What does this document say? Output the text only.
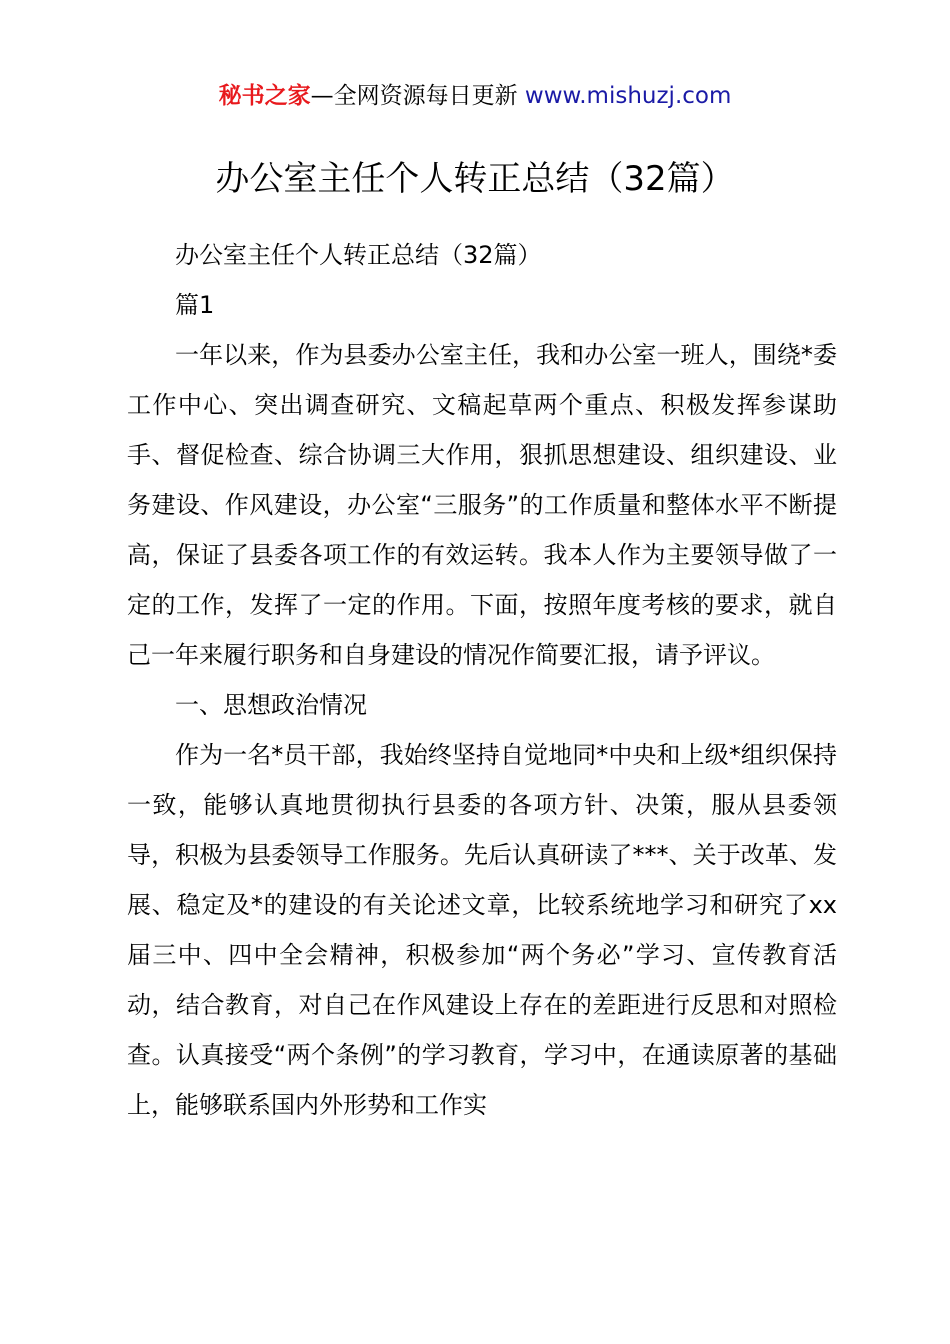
秘书之家—全网资源每日更新 www.mishuzj.com
办公室主任个人转正总结（32篇）

办公室主任个人转正总结（32篇）

篇1

一年以来，作为县委办公室主任，我和办公室一班人，围绕*委工作中心、突出调查研究、文稿起草两个重点、积极发挥参谋助手、督促检查、综合协调三大作用，狠抓思想建设、组织建设、业务建设、作风建设，办公室“三服务”的工作质量和整体水平不断提高，保证了县委各项工作的有效运转。我本人作为主要领导做了一定的工作，发挥了一定的作用。下面，按照年度考核的要求，就自己一年来履行职务和自身建设的情况作简要汇报，请予评议。

一、思想政治情况

作为一名*员干部，我始终坚持自觉地同*中央和上级*组织保持一致，能够认真地贯彻执行县委的各项方针、决策，服从县委领导，积极为县委领导工作服务。先后认真研读了***、关于改革、发展、稳定及*的建设的有关论述文章，比较系统地学习和研究了xx届三中、四中全会精神，积极参加“两个务必”学习、宣传教育活动，结合教育，对自己在作风建设上存在的差距进行反思和对照检查。认真接受“两个条例”的学习教育，学习中，在通读原著的基础上，能够联系国内外形势和工作实
